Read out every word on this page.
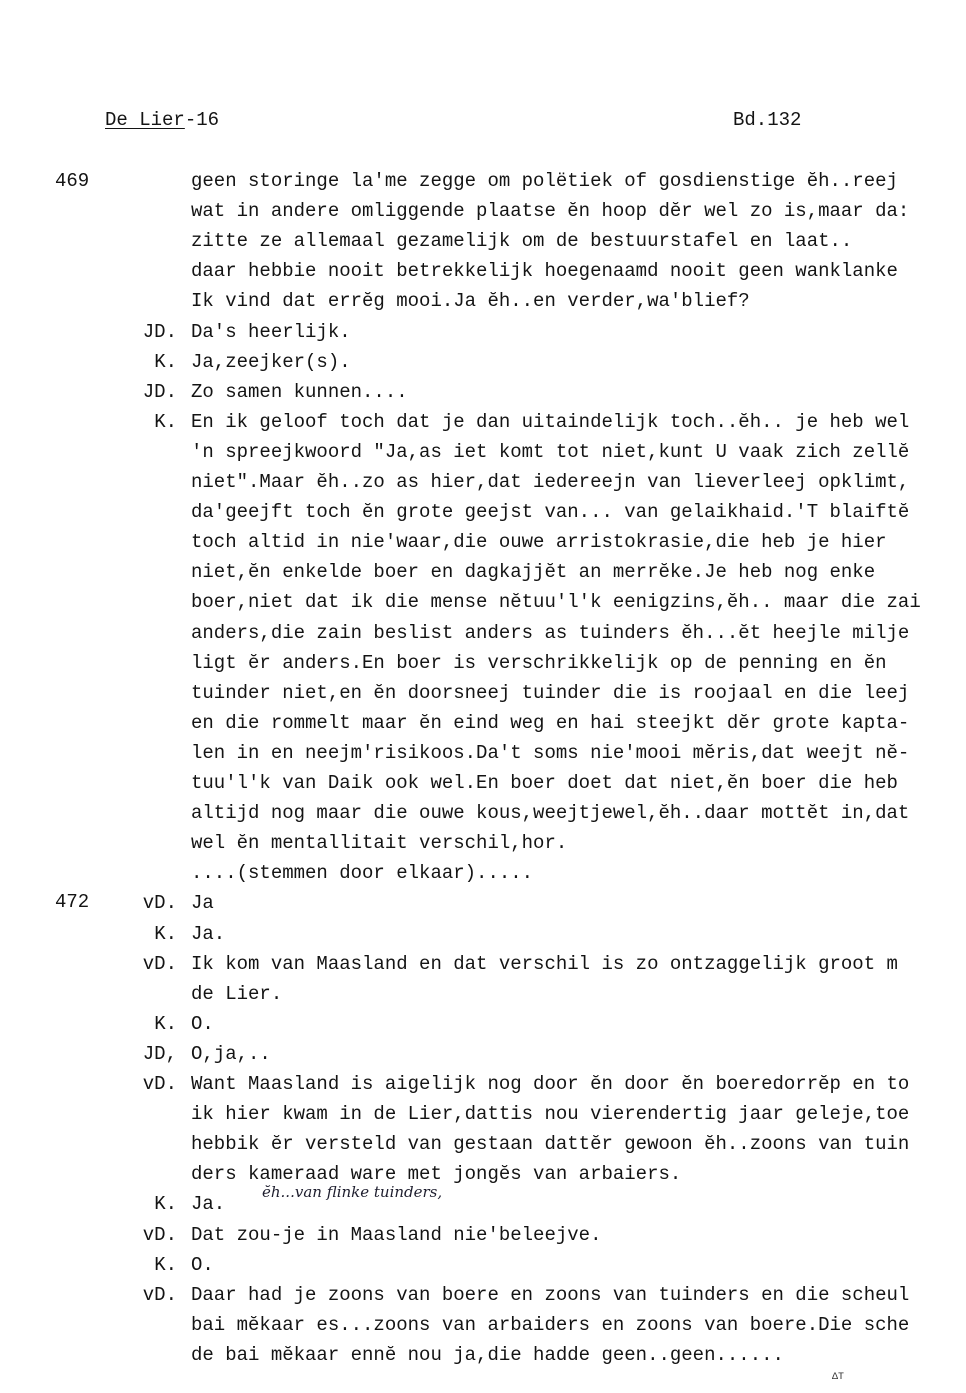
De Lier-16	Bd.132
469
472
geen storinge la'me zegge om polëtiek of gosdienstige ĕh..reej
wat in andere omliggende plaatse ĕn hoop dĕr wel zo is,maar da:
zitte ze allemaal gezamelijk om de bestuurstafel en laat..
daar hebbie nooit betrekkelijk hoegenaamd nooit geen wanklanke
Ik vind dat errĕg mooi.Ja ĕh..en verder,wa'blief?
JD. Da's heerlijk.
K. Ja,zeejker(s).
JD. Zo samen kunnen....
K. En ik geloof toch dat je dan uitaindelijk toch..ĕh.. je heb wel
'n spreejkwoord "Ja,as iet komt tot niet,kunt U vaak zich zellĕ
niet".Maar ĕh..zo as hier,dat iedereejn van lieverleej opklimt,
da'geejft toch ĕn grote geejst van... van gelaikhaid.'T blaiftĕ
toch altid in nie'waar,die ouwe arristokrasie,die heb je hier
niet,ĕn enkelde boer en dagkajjĕt an merrĕke.Je heb nog enke
boer,niet dat ik die mense nĕtuu'l'k eenigzins,ĕh.. maar die zai
anders,die zain beslist anders as tuinders ĕh...ĕt heejle milje
ligt ĕr anders.En boer is verschrikkelijk op de penning en ĕn
tuinder niet,en ĕn doorsneej tuinder die is roojaal en die leej
en die rommelt maar ĕn eind weg en hai steejkt dĕr grote kapta-
len in en neejm'risikoos.Da't soms nie'mooi mĕris,dat weejt nĕ-
tuu'l'k van Daik ook wel.En boer doet dat niet,ĕn boer die heb
altijd nog maar die ouwe kous,weejtjewel,ĕh..daar mottĕt in,dat
wel ĕn mentallitait verschil,hor.
....(stemmen door elkaar).....
vD. Ja
K. Ja.
vD. Ik kom van Maasland en dat verschil is zo ontzaggelijk groot m
de Lier.
K. O.
JD, O,ja,..
vD. Want Maasland is aigelijk nog door ĕn door ĕn boeredorrĕp en to
ik hier kwam in de Lier,dattis nou vierendertig jaar geleje,toe
hebbik ĕr versteld van gestaan dattĕr gewoon ĕh..zoons van tuin
ders kameraad ware met jongĕs van arbaiers.
K. Ja.
vD. Dat zou-je in Maasland nie'beleejve.
K. O.
vD. Daar had je zoons van boere en zoons van tuinders en die scheul
bai mĕkaar es...zoons van arbaiders en zoons van boere.Die sche
de bai mĕkaar ennĕ nou ja,die hadde geen..geen......
ĕh...van flinke tuinders,
ΔΤ
